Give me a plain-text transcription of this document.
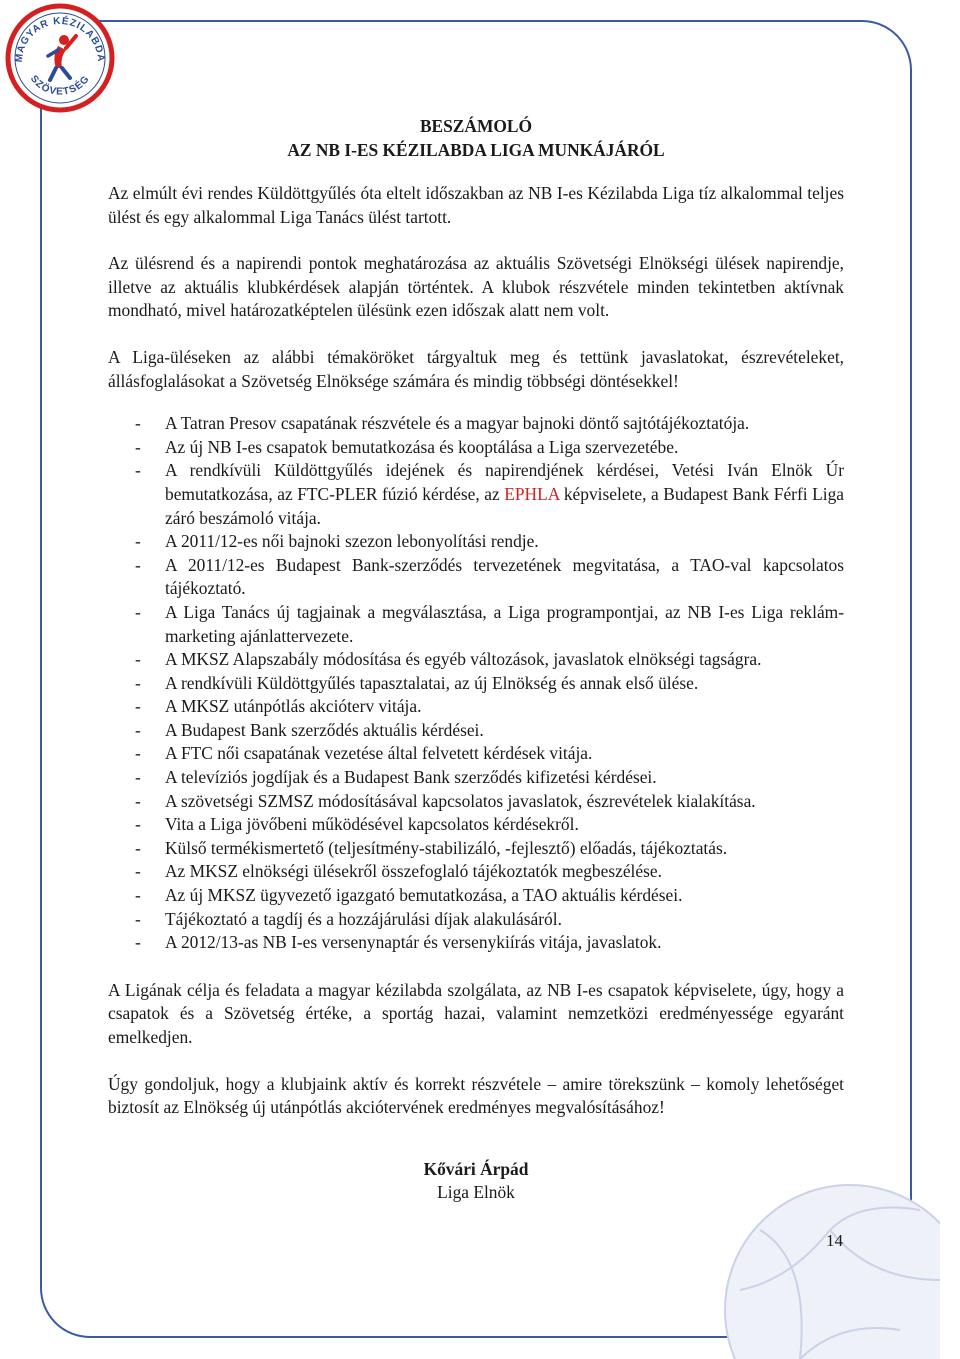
MAGYAR KÉZILABDA
SZÖVETSÉG

BESZÁMOLÓ

AZ NB I-ES KÉZILABDA LIGA MUNKÁJÁRÓL

Az elmúlt évi rendes Küldöttgyűlés óta eltelt időszakban az NB I-es Kézilabda Liga tíz alkalommal teljes ülést és egy alkalommal Liga Tanács ülést tartott.

Az ülésrend és a napirendi pontok meghatározása az aktuális Szövetségi Elnökségi ülések napirendje, illetve az aktuális klubkérdések alapján történtek. A klubok részvétele minden tekintetben aktívnak mondható, mivel határozatképtelen ülésünk ezen időszak alatt nem volt.

A Liga-üléseken az alábbi témaköröket tárgyaltuk meg és tettünk javaslatokat, észrevételeket, állásfoglalásokat a Szövetség Elnöksége számára és mindig többségi döntésekkel!

- A Tatran Presov csapatának részvétele és a magyar bajnoki döntő sajtótájékoztatója.
- Az új NB I-es csapatok bemutatkozása és kooptálása a Liga szervezetébe.
- A rendkívüli Küldöttgyűlés idejének és napirendjének kérdései, Vetési Iván Elnök Úr bemutatkozása, az FTC-PLER fúzió kérdése, az EPHLA képviselete, a Budapest Bank Férfi Liga záró beszámoló vitája.
- A 2011/12-es női bajnoki szezon lebonyolítási rendje.
- A 2011/12-es Budapest Bank-szerződés tervezetének megvitatása, a TAO-val kapcsolatos tájékoztató.
- A Liga Tanács új tagjainak a megválasztása, a Liga programpontjai, az NB I-es Liga reklám-marketing ajánlattervezete.
- A MKSZ Alapszabály módosítása és egyéb változások, javaslatok elnökségi tagságra.
- A rendkívüli Küldöttgyűlés tapasztalatai, az új Elnökség és annak első ülése.
- A MKSZ utánpótlás akcióterv vitája.
- A Budapest Bank szerződés aktuális kérdései.
- A FTC női csapatának vezetése által felvetett kérdések vitája.
- A televíziós jogdíjak és a Budapest Bank szerződés kifizetési kérdései.
- A szövetségi SZMSZ módosításával kapcsolatos javaslatok, észrevételek kialakítása.
- Vita a Liga jövőbeni működésével kapcsolatos kérdésekről.
- Külső termékismertető (teljesítmény-stabilizáló, -fejlesztő) előadás, tájékoztatás.
- Az MKSZ elnökségi ülésekről összefoglaló tájékoztatók megbeszélése.
- Az új MKSZ ügyvezető igazgató bemutatkozása, a TAO aktuális kérdései.
- Tájékoztató a tagdíj és a hozzájárulási díjak alakulásáról.
- A 2012/13-as NB I-es versenynaptár és versenykiírás vitája, javaslatok.

A Ligának célja és feladata a magyar kézilabda szolgálata, az NB I-es csapatok képviselete, úgy, hogy a csapatok és a Szövetség értéke, a sportág hazai, valamint nemzetközi eredményessége egyaránt emelkedjen.

Úgy gondoljuk, hogy a klubjaink aktív és korrekt részvétele – amire törekszünk – komoly lehetőséget biztosít az Elnökség új utánpótlás akciótervének eredményes megvalósításához!

Kővári Árpád
Liga Elnök
14
